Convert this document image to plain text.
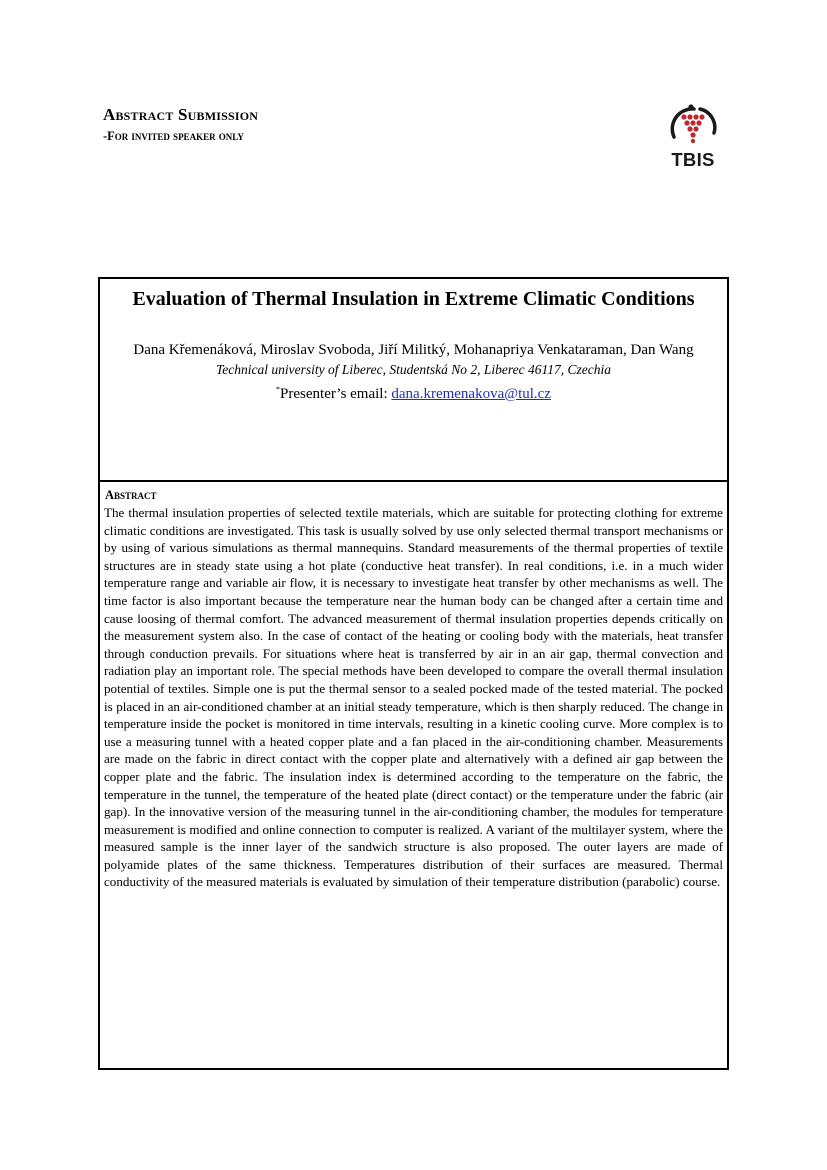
Abstract Submission

-For invited speaker only

TBIS
Evaluation of Thermal Insulation in Extreme Climatic Conditions
Dana Křemenáková, Miroslav Svoboda, Jiří Militký, Mohanapriya Venkataraman, Dan Wang
Technical university of Liberec, Studentská No 2, Liberec 46117, Czechia
*Presenter’s email: dana.kremenakova@tul.cz
Abstract
The thermal insulation properties of selected textile materials, which are suitable for protecting clothing for extreme climatic conditions are investigated. This task is usually solved by use only selected thermal transport mechanisms or by using of various simulations as thermal mannequins. Standard measurements of the thermal properties of textile structures are in steady state using a hot plate (conductive heat transfer). In real conditions, i.e. in a much wider temperature range and variable air flow, it is necessary to investigate heat transfer by other mechanisms as well. The time factor is also important because the temperature near the human body can be changed after a certain time and cause loosing of thermal comfort. The advanced measurement of thermal insulation properties depends critically on the measurement system also. In the case of contact of the heating or cooling body with the materials, heat transfer through conduction prevails. For situations where heat is transferred by air in an air gap, thermal convection and radiation play an important role. The special methods have been developed to compare the overall thermal insulation potential of textiles. Simple one is put the thermal sensor to a sealed pocked made of the tested material. The pocked is placed in an air-conditioned chamber at an initial steady temperature, which is then sharply reduced. The change in temperature inside the pocket is monitored in time intervals, resulting in a kinetic cooling curve. More complex is to use a measuring tunnel with a heated copper plate and a fan placed in the air-conditioning chamber. Measurements are made on the fabric in direct contact with the copper plate and alternatively with a defined air gap between the copper plate and the fabric. The insulation index is determined according to the temperature on the fabric, the temperature in the tunnel, the temperature of the heated plate (direct contact) or the temperature under the fabric (air gap). In the innovative version of the measuring tunnel in the air-conditioning chamber, the modules for temperature measurement is modified and online connection to computer is realized. A variant of the multilayer system, where the measured sample is the inner layer of the sandwich structure is also proposed. The outer layers are made of polyamide plates of the same thickness. Temperatures distribution of their surfaces are measured. Thermal conductivity of the measured materials is evaluated by simulation of their temperature distribution (parabolic) course.
